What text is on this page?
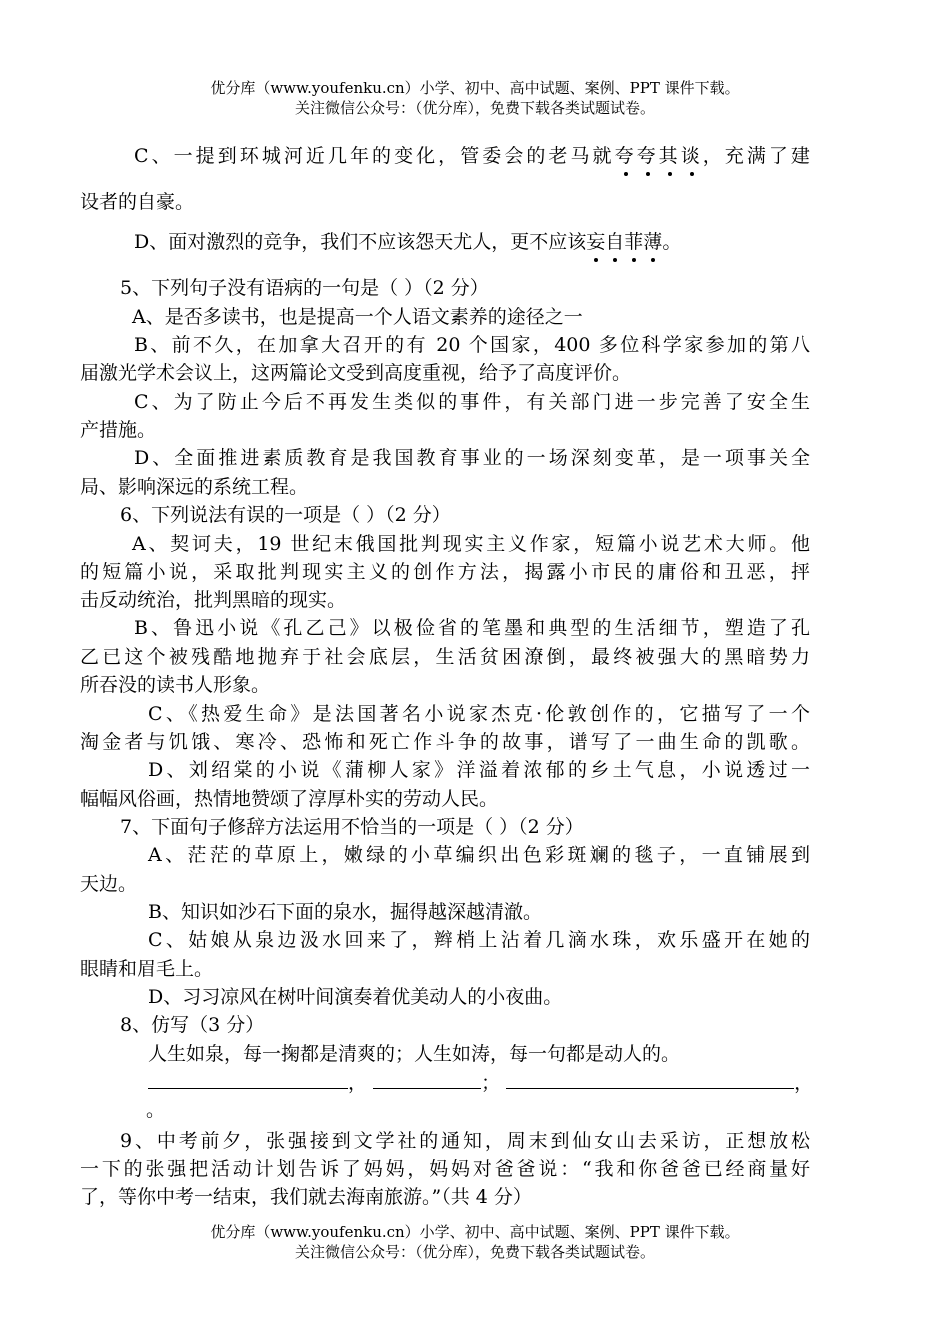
优分库（www.youfenku.cn）小学、初中、高中试题、案例、PPT 课件下载。
关注微信公众号：（优分库），免费下载各类试题试卷。
C、一提到环城河近几年的变化，管委会的老马就夸夸其谈，充满了建
设者的自豪。
D、面对激烈的竞争，我们不应该怨天尤人，更不应该妄自菲薄。
5、下列句子没有语病的一句是（ ）（2 分）
A、是否多读书，也是提高一个人语文素养的途径之一
B、前不久，在加拿大召开的有 20 个国家，400 多位科学家参加的第八
届激光学术会议上，这两篇论文受到高度重视，给予了高度评价。
C、为了防止今后不再发生类似的事件，有关部门进一步完善了安全生
产措施。
D、全面推进素质教育是我国教育事业的一场深刻变革，是一项事关全
局、影响深远的系统工程。
6、下列说法有误的一项是（ ）（2 分）
A、契诃夫，19 世纪末俄国批判现实主义作家，短篇小说艺术大师。他
的短篇小说，采取批判现实主义的创作方法，揭露小市民的庸俗和丑恶，抨
击反动统治，批判黑暗的现实。
B、鲁迅小说《孔乙己》以极俭省的笔墨和典型的生活细节，塑造了孔
乙已这个被残酷地抛弃于社会底层，生活贫困潦倒，最终被强大的黑暗势力
所吞没的读书人形象。
C、《热爱生命》是法国著名小说家杰克·伦敦创作的，它描写了一个
淘金者与饥饿、寒冷、恐怖和死亡作斗争的故事，谱写了一曲生命的凯歌。
D、刘绍棠的小说《蒲柳人家》洋溢着浓郁的乡土气息，小说透过一
幅幅风俗画，热情地赞颂了淳厚朴实的劳动人民。
7、下面句子修辞方法运用不恰当的一项是（ ）（2 分）
A、茫茫的草原上，嫩绿的小草编织出色彩斑斓的毯子，一直铺展到
天边。
B、知识如沙石下面的泉水，掘得越深越清澈。
C、姑娘从泉边汲水回来了，辫梢上沾着几滴水珠，欢乐盛开在她的
眼睛和眉毛上。
D、习习凉风在树叶间演奏着优美动人的小夜曲。
8、仿写（3 分）
人生如泉，每一掬都是清爽的；人生如涛，每一句都是动人的。
，	；	，
。
9、中考前夕，张强接到文学社的通知，周末到仙女山去采访，正想放松
一下的张强把活动计划告诉了妈妈，妈妈对爸爸说：“我和你爸爸已经商量好
了，等你中考一结束，我们就去海南旅游。”（共 4 分）
优分库（www.youfenku.cn）小学、初中、高中试题、案例、PPT 课件下载。
关注微信公众号：（优分库），免费下载各类试题试卷。
